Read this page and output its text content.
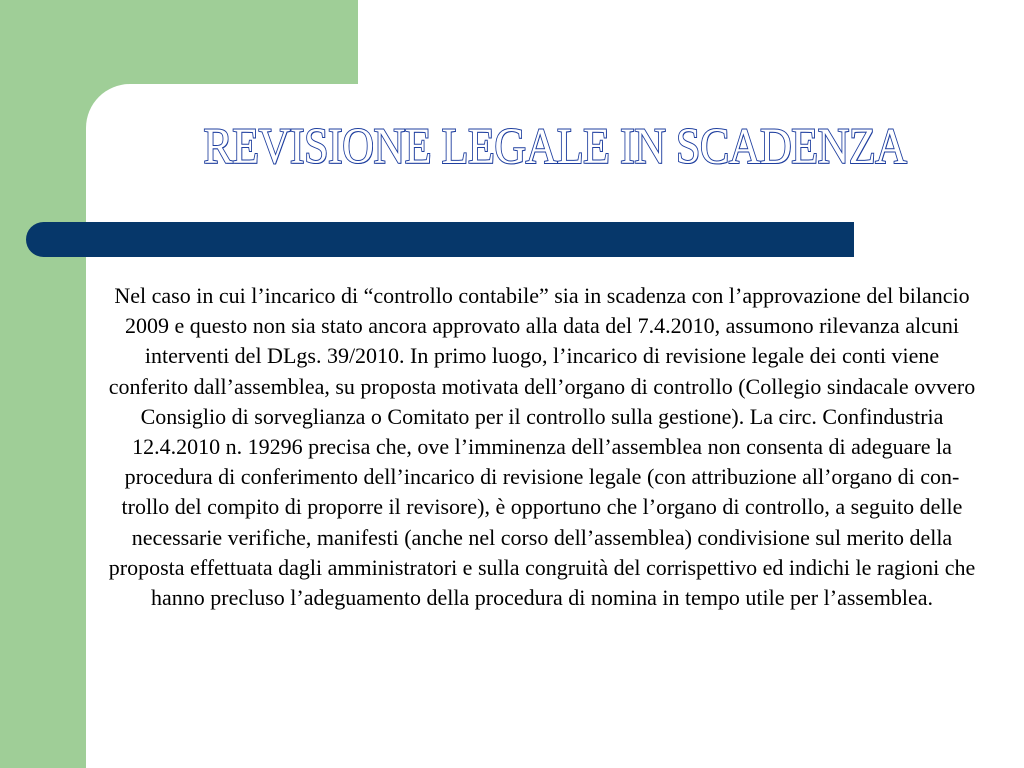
REVISIONE LEGALE IN SCADENZA

Nel caso in cui l’incarico di “controllo contabile” sia in scadenza con l’approvazione del bilancio 2009 e questo non sia stato ancora approvato alla data del 7.4.2010, assumono rilevanza alcuni interventi del DLgs. 39/2010. In primo luogo, l’incarico di revisione legale dei conti viene conferito dall’assemblea, su proposta motivata dell’organo di controllo (Collegio sindacale ovvero Consiglio di sorveglianza o Comitato per il controllo sulla gestione). La circ. Confindustria 12.4.2010 n. 19296 precisa che, ove l’imminenza dell’assemblea non consenta di adeguare la procedura di conferimento dell’incarico di revisione legale (con attribuzione all’organo di con-trollo del compito di proporre il revisore), è opportuno che l’organo di controllo, a seguito delle necessarie verifiche, manifesti (anche nel corso dell’assemblea) condivisione sul merito della proposta effettuata dagli amministratori e sulla congruità del corrispettivo ed indichi le ragioni che hanno precluso l’adeguamento della procedura di nomina in tempo utile per l’assemblea.
